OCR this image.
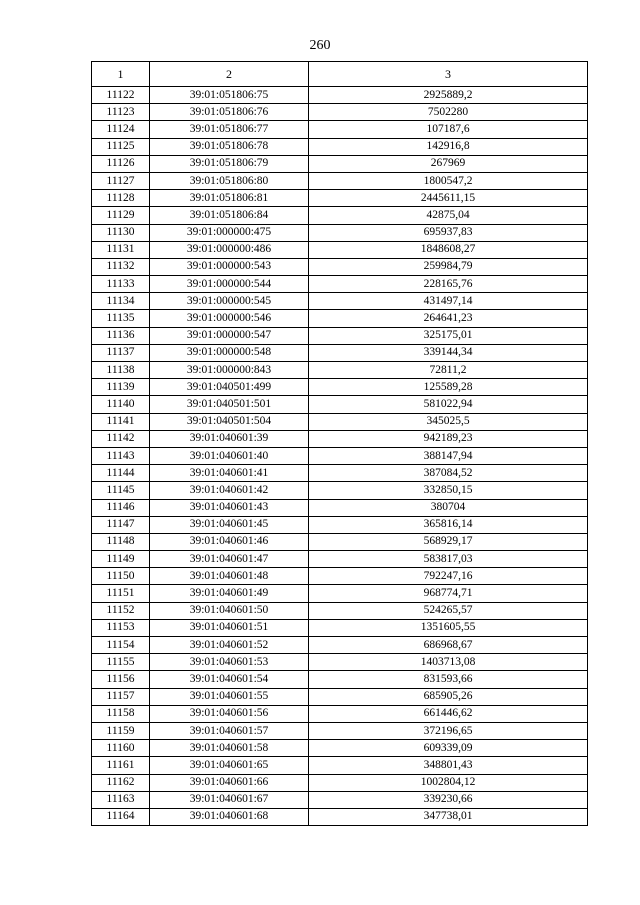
260
1	2	3
11122	39:01:051806:75	2925889,2
11123	39:01:051806:76	7502280
11124	39:01:051806:77	107187,6
11125	39:01:051806:78	142916,8
11126	39:01:051806:79	267969
11127	39:01:051806:80	1800547,2
11128	39:01:051806:81	2445611,15
11129	39:01:051806:84	42875,04
11130	39:01:000000:475	695937,83
11131	39:01:000000:486	1848608,27
11132	39:01:000000:543	259984,79
11133	39:01:000000:544	228165,76
11134	39:01:000000:545	431497,14
11135	39:01:000000:546	264641,23
11136	39:01:000000:547	325175,01
11137	39:01:000000:548	339144,34
11138	39:01:000000:843	72811,2
11139	39:01:040501:499	125589,28
11140	39:01:040501:501	581022,94
11141	39:01:040501:504	345025,5
11142	39:01:040601:39	942189,23
11143	39:01:040601:40	388147,94
11144	39:01:040601:41	387084,52
11145	39:01:040601:42	332850,15
11146	39:01:040601:43	380704
11147	39:01:040601:45	365816,14
11148	39:01:040601:46	568929,17
11149	39:01:040601:47	583817,03
11150	39:01:040601:48	792247,16
11151	39:01:040601:49	968774,71
11152	39:01:040601:50	524265,57
11153	39:01:040601:51	1351605,55
11154	39:01:040601:52	686968,67
11155	39:01:040601:53	1403713,08
11156	39:01:040601:54	831593,66
11157	39:01:040601:55	685905,26
11158	39:01:040601:56	661446,62
11159	39:01:040601:57	372196,65
11160	39:01:040601:58	609339,09
11161	39:01:040601:65	348801,43
11162	39:01:040601:66	1002804,12
11163	39:01:040601:67	339230,66
11164	39:01:040601:68	347738,01
